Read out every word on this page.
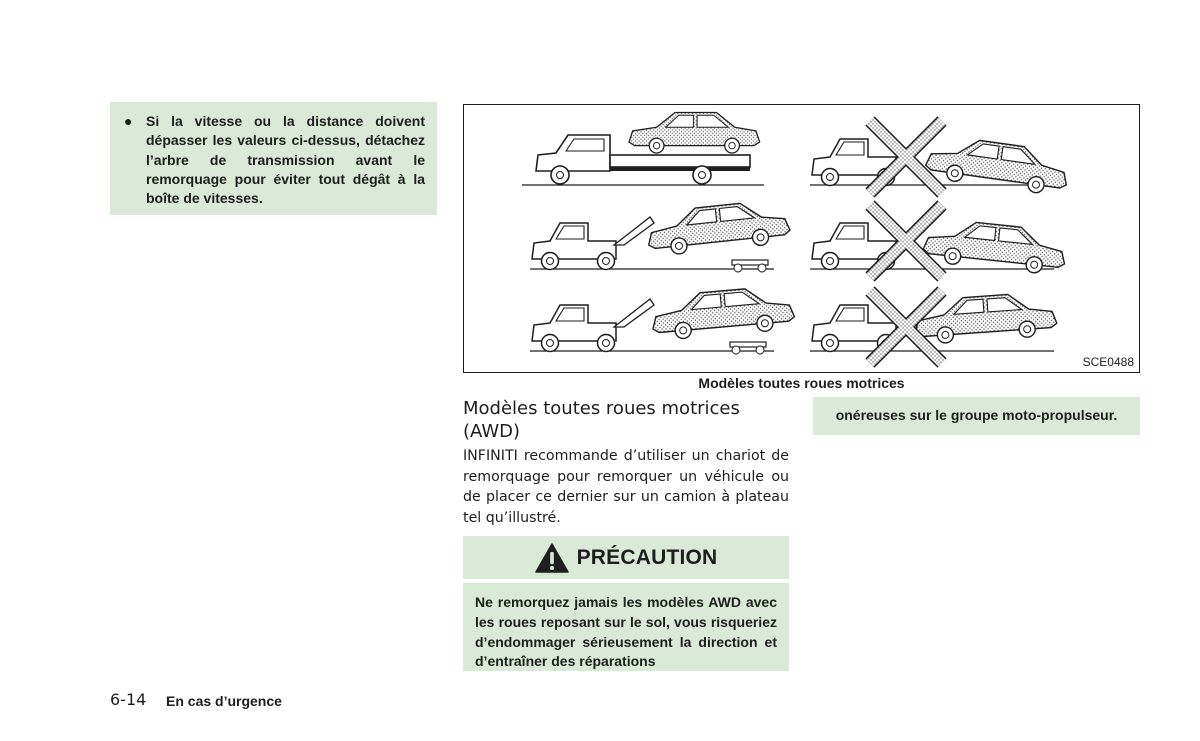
● Si la vitesse ou la distance doivent dépasser les valeurs ci-dessus, détachez l’arbre de transmission avant le remorquage pour éviter tout dégât à la boîte de vitesses.
SCE0488
Modèles toutes roues motrices
Modèles toutes roues motrices (AWD)
INFINITI recommande d’utiliser un chariot de remorquage pour remorquer un véhicule ou de placer ce dernier sur un camion à plateau tel qu’illustré.
PRÉCAUTION
Ne remorquez jamais les modèles AWD avec les roues reposant sur le sol, vous risqueriez d’endommager sérieusement la direction et d’entraîner des réparations
onéreuses sur le groupe moto-propulseur.
6-14 En cas d’urgence
